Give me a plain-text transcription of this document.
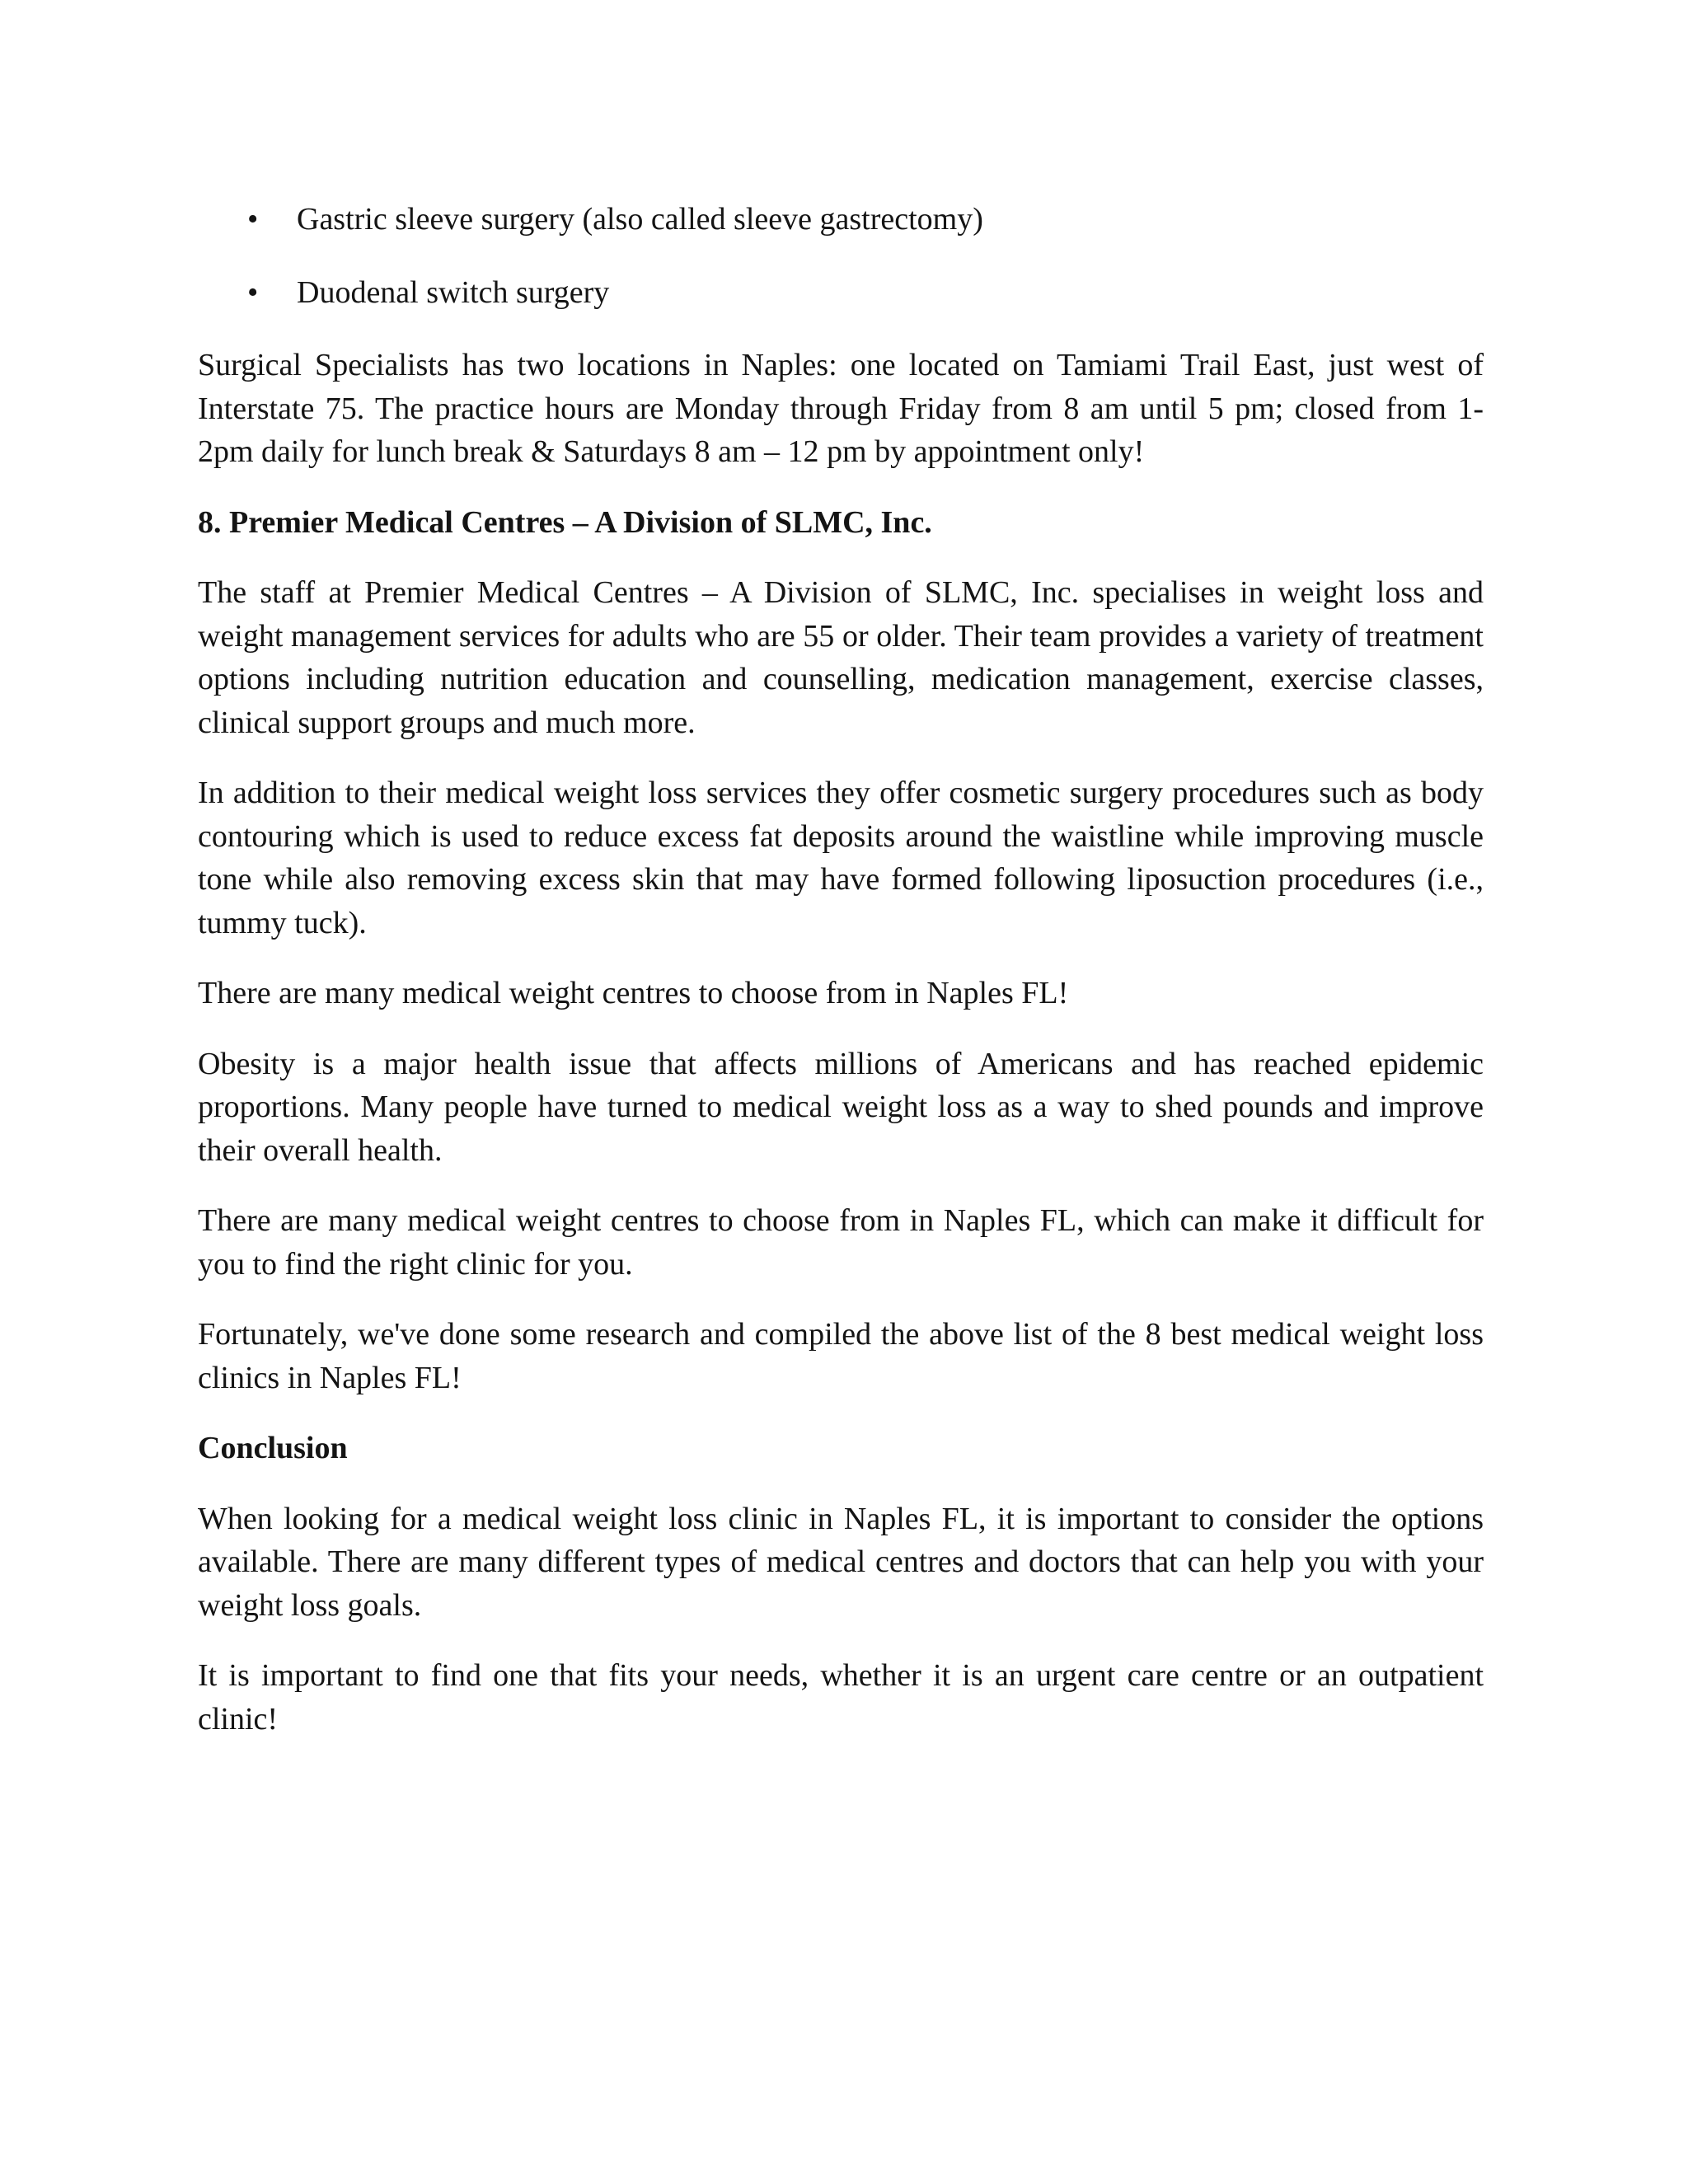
•	Gastric sleeve surgery (also called sleeve gastrectomy)
•	Duodenal switch surgery

Surgical Specialists has two locations in Naples: one located on Tamiami Trail East, just west of Interstate 75. The practice hours are Monday through Friday from 8 am until 5 pm; closed from 1-2pm daily for lunch break & Saturdays 8 am – 12 pm by appointment only!

8. Premier Medical Centres – A Division of SLMC, Inc.

The staff at Premier Medical Centres – A Division of SLMC, Inc. specialises in weight loss and weight management services for adults who are 55 or older. Their team provides a variety of treatment options including nutrition education and counselling, medication management, exercise classes, clinical support groups and much more.

In addition to their medical weight loss services they offer cosmetic surgery procedures such as body contouring which is used to reduce excess fat deposits around the waistline while improving muscle tone while also removing excess skin that may have formed following liposuction procedures (i.e., tummy tuck).

There are many medical weight centres to choose from in Naples FL!

Obesity is a major health issue that affects millions of Americans and has reached epidemic proportions. Many people have turned to medical weight loss as a way to shed pounds and improve their overall health.

There are many medical weight centres to choose from in Naples FL, which can make it difficult for you to find the right clinic for you.

Fortunately, we've done some research and compiled the above list of the 8 best medical weight loss clinics in Naples FL!

Conclusion

When looking for a medical weight loss clinic in Naples FL, it is important to consider the options available. There are many different types of medical centres and doctors that can help you with your weight loss goals.

It is important to find one that fits your needs, whether it is an urgent care centre or an outpatient clinic!
